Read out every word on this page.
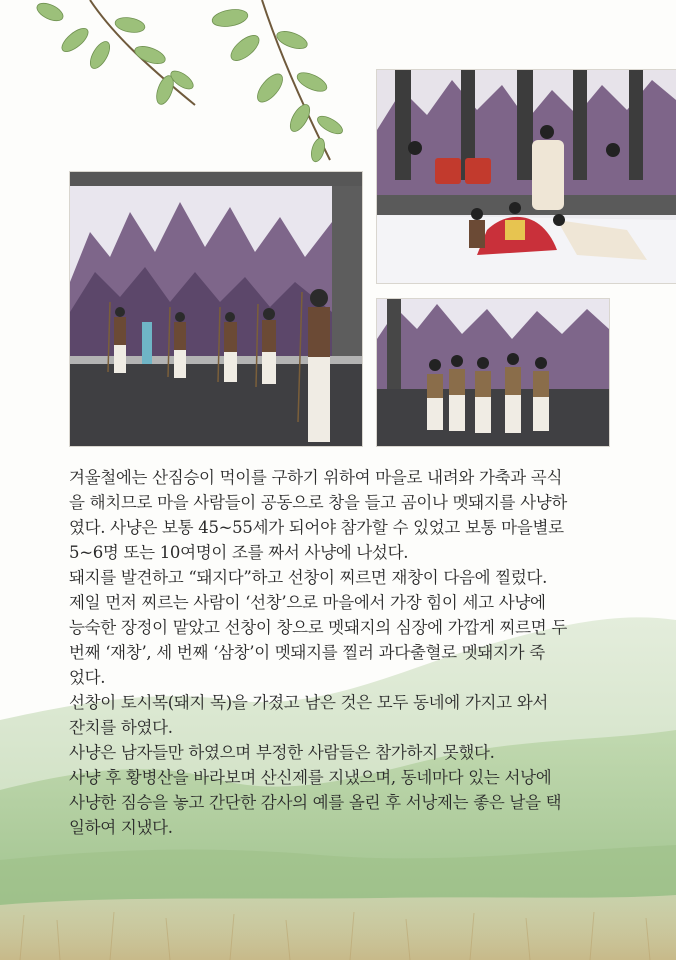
겨울철에는 산짐승이 먹이를 구하기 위하여 마을로 내려와 가축과 곡식
을 해치므로 마을 사람들이 공동으로 창을 들고 곰이나 멧돼지를 사냥하
였다. 사냥은 보통 45~55세가 되어야 참가할 수 있었고 보통 마을별로
5~6명 또는 10여명이 조를 짜서 사냥에 나섰다.

돼지를 발견하고 “돼지다”하고 선창이 찌르면 재창이 다음에 찔렀다.
제일 먼저 찌르는 사람이 ‘선창’으로 마을에서 가장 힘이 세고 사냥에
능숙한 장정이 맡았고 선창이 창으로 멧돼지의 심장에 가깝게 찌르면 두
번째 ‘재창’, 세 번째 ‘삼창’이 멧돼지를 찔러 과다출혈로 멧돼지가 죽
었다.

선창이 토시목(돼지 목)을 가졌고 남은 것은 모두 동네에 가지고 와서
잔치를 하였다.

사냥은 남자들만 하였으며 부정한 사람들은 참가하지 못했다.

사냥 후 황병산을 바라보며 산신제를 지냈으며, 동네마다 있는 서낭에
사냥한 짐승을 놓고 간단한 감사의 예를 올린 후 서낭제는 좋은 날을 택
일하여 지냈다.
